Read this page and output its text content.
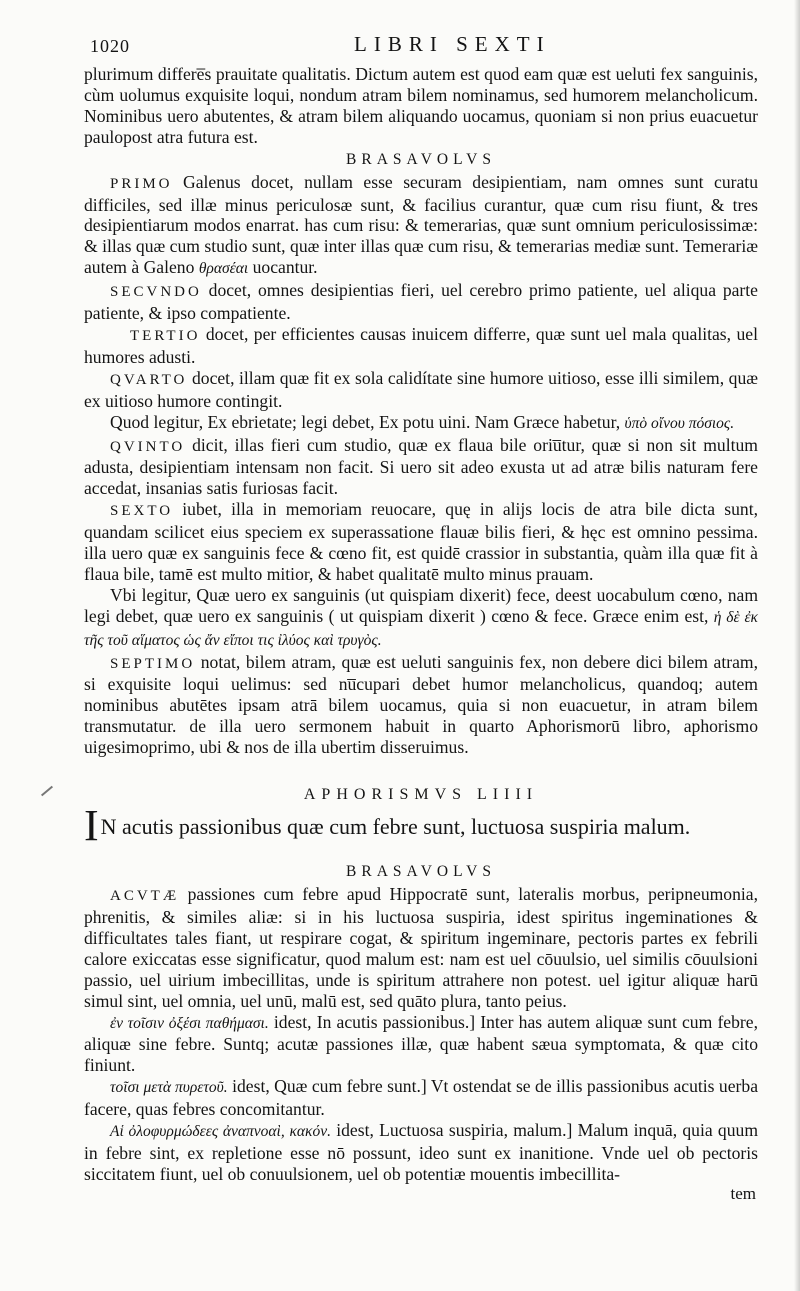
1020	LIBRI SEXTI

plurimum differe̅s prauitate qualitatis. Dictum autem est quod eam quæ est ueluti fex sanguinis, cùm uolumus exquisite loqui, nondum atram bilem nominamus, sed humorem melancholicum. Nominibus uero abutentes, & atram bilem aliquando uocamus, quoniam si non prius euacuetur paulopost atra futura est.

BRASAVOLVS

PRIMO Galenus docet, nullam esse securam desipientiam, nam omnes sunt curatu difficiles, sed illæ minus periculosæ sunt, & facilius curantur, quæ cum risu fiunt, & tres desipientiarum modos enarrat. has cum risu: & temerarias, quæ sunt omnium periculosissimæ: & illas quæ cum studio sunt, quæ inter illas quæ cum risu, & temerarias mediæ sunt. Temerariæ autem à Galeno θρασέαι uocantur.

SECVNDO docet, omnes desipientias fieri, uel cerebro primo patiente, uel aliqua parte patiente, & ipso compatiente.

TERTIO docet, per efficientes causas inuicem differre, quæ sunt uel mala qualitas, uel humores adusti.

QVARTO docet, illam quæ fit ex sola calidítate sine humore uitioso, esse illi similem, quæ ex uitioso humore contingit.

Quod legitur, Ex ebrietate; legi debet, Ex potu uini. Nam Græce habetur, ὑπὸ οἴνου πόσιος.

QVINTO dicit, illas fieri cum studio, quæ ex flaua bile oriu̅tur, quæ si non sit multum adusta, desipientiam intensam non facit. Si uero sit adeo exusta ut ad atræ bilis naturam fere accedat, insanias satis furiosas facit.

SEXTO iubet, illa in memoriam reuocare, quę in alijs locis de atra bile dicta sunt, quandam scilicet eius speciem ex superassatione flauæ bilis fieri, & hęc est omnino pessima. illa uero quæ ex sanguinis fece & cœno fit, est quidē crassior in substantia, quàm illa quæ fit à flaua bile, tamē est multo mitior, & habet qualitatē multo minus prauam.

Vbi legitur, Quæ uero ex sanguinis (ut quispiam dixerit) fece, deest uocabulum cœno, nam legi debet, quæ uero ex sanguinis ( ut quispiam dixerit ) cœno & fece. Græce enim est, ἡ δὲ ἐκ τῆς τοῦ αἵματος ὡς ἄν εἴποι τις ἰλύος καὶ τρυγὸς.

SEPTIMO notat, bilem atram, quæ est ueluti sanguinis fex, non debere dici bilem atram, si exquisite loqui uelimus: sed nu̅cupari debet humor melancholicus, quandoq; autem nominibus abutētes ipsam atrā bilem uocamus, quia si non euacuetur, in atram bilem transmutatur. de illa uero sermonem habuit in quarto Aphorismorū libro, aphorismo uigesimoprimo, ubi & nos de illa ubertim disseruimus.

APHORISMVS LIIII
IN acutis passionibus quæ cum febre sunt, luctuosa suspiria malum.
BRASAVOLVS

ACVTÆ passiones cum febre apud Hippocratē sunt, lateralis morbus, peripneumonia, phrenitis, & similes aliæ: si in his luctuosa suspiria, idest spiritus ingeminationes & difficultates tales fiant, ut respirare cogat, & spiritum ingeminare, pectoris partes ex febrili calore exiccatas esse significatur, quod malum est: nam est uel cōuulsio, uel similis cōuulsioni passio, uel uirium imbecillitas, unde is spiritum attrahere non potest. uel igitur aliquæ harū simul sint, uel omnia, uel unū, malū est, sed quāto plura, tanto peius.

ἐν τοῖσιν ὀξέσι παθήμασι. idest, In acutis passionibus.] Inter has autem aliquæ sunt cum febre, aliquæ sine febre. Suntq; acutæ passiones illæ, quæ habent sæua symptomata, & quæ cito finiunt.

τοῖσι μετὰ πυρετοῦ. idest, Quæ cum febre sunt.] Vt ostendat se de illis passionibus acutis uerba facere, quas febres concomitantur.

Αἱ ὀλοφυρμώδεες ἀναπνοαὶ, κακόν. idest, Luctuosa suspiria, malum.] Malum inquā, quia quum in febre sint, ex repletione esse nō possunt, ideo sunt ex inanitione. Vnde uel ob pectoris siccitatem fiunt, uel ob conuulsionem, uel ob potentiæ mouentis imbecillita-

tem
